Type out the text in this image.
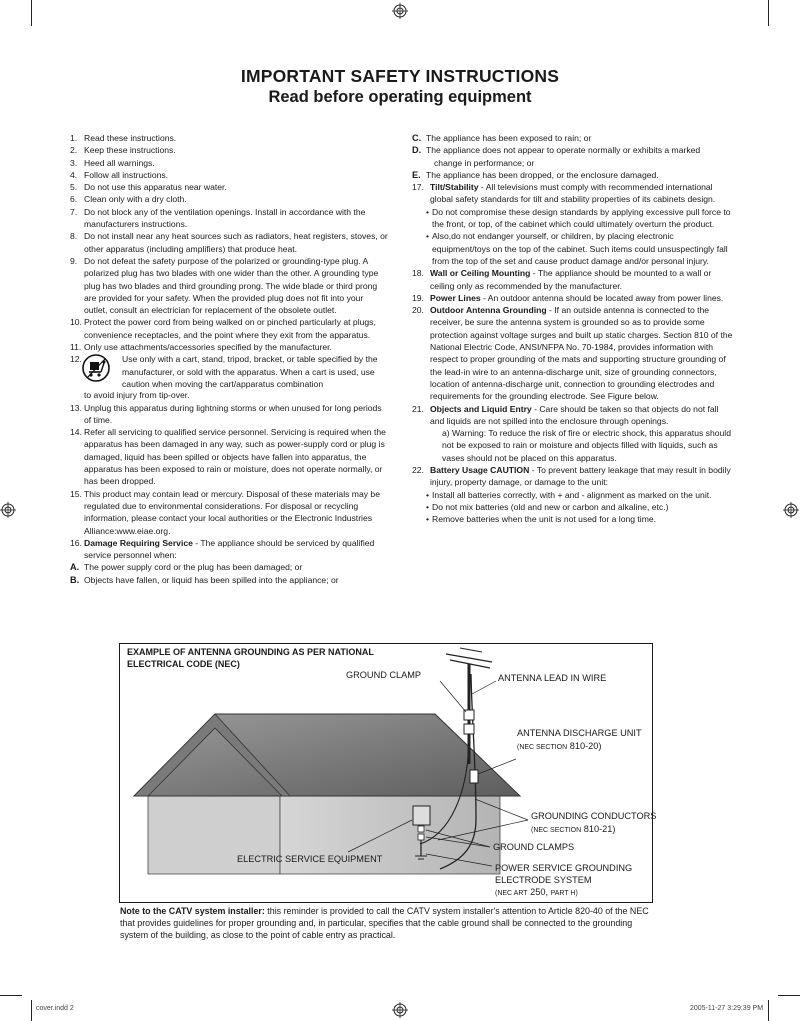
IMPORTANT SAFETY INSTRUCTIONS
Read before operating equipment
1. Read these instructions.
2. Keep these instructions.
3. Heed all warnings.
4. Follow all instructions.
5. Do not use this apparatus near water.
6. Clean only with a dry cloth.
7. Do not block any of the ventilation openings. Install in accordance with the manufacturers instructions.
8. Do not install near any heat sources such as radiators, heat registers, stoves, or other apparatus (including amplifiers) that produce heat.
9. Do not defeat the safety purpose of the polarized or grounding-type plug. A polarized plug has two blades with one wider than the other. A grounding type plug has two blades and third grounding prong. The wide blade or third prong are provided for your safety. When the provided plug does not fit into your outlet, consult an electrician for replacement of the obsolete outlet.
10. Protect the power cord from being walked on or pinched particularly at plugs, convenience receptacles, and the point where they exit from the apparatus.
11. Only use attachments/accessories specified by the manufacturer.
12.	Use only with a cart, stand, tripod, bracket, or table specified by the manufacturer, or sold with the apparatus. When a cart is used, use caution when moving the cart/apparatus combination
to avoid injury from tip-over.
13. Unplug this apparatus during lightning storms or when unused for long periods of time.
14. Refer all servicing to qualified service personnel. Servicing is required when the apparatus has been damaged in any way, such as power-supply cord or plug is damaged, liquid has been spilled or objects have fallen into apparatus, the apparatus has been exposed to rain or moisture, does not operate normally, or has been dropped.
15. This product may contain lead or mercury. Disposal of these materials may be regulated due to environmental considerations. For disposal or recycling information, please contact your local authorities or the Electronic Industries Alliance:www.eiae.org.
16. Damage Requiring Service - The appliance should be serviced by qualified service personnel when:
A. The power supply cord or the plug has been damaged; or
B. Objects have fallen, or liquid has been spilled into the appliance; or
C. The appliance has been exposed to rain; or
D. The appliance does not appear to operate normally or exhibits a marked
change in performance; or
E. The appliance has been dropped, or the enclosure damaged.
17. Tilt/Stability - All televisions must comply with recommended international global safety standards for tilt and stability properties of its cabinets design.
• Do not compromise these design standards by applying excessive pull force to the front, or top, of the cabinet which could ultimately overturn the product.
• Also,do not endanger yourself, or children, by placing electronic equipment/toys on the top of the cabinet. Such items could unsuspectingly fall from the top of the set and cause product damage and/or personal injury.
18. Wall or Ceiling Mounting - The appliance should be mounted to a wall or ceiling only as recommended by the manufacturer.
19. Power Lines - An outdoor antenna should be located away from power lines.
20. Outdoor Antenna Grounding - If an outside antenna is connected to the receiver, be sure the antenna system is grounded so as to provide some protection against voltage surges and built up static charges. Section 810 of the National Electric Code, ANSI/NFPA No. 70-1984, provides information with respect to proper grounding of the mats and supporting structure grounding of the lead-in wire to an antenna-discharge unit, size of grounding connectors, location of antenna-discharge unit, connection to grounding electrodes and requirements for the grounding electrode. See Figure below.
21. Objects and Liquid Entry - Care should be taken so that objects do not fall and liquids are not spilled into the enclosure through openings.
a) Warning: To reduce the risk of fire or electric shock, this apparatus should not be exposed to rain or moisture and objects filled with liquids, such as vases should not be placed on this apparatus.
22. Battery Usage CAUTION - To prevent battery leakage that may result in bodily injury, property damage, or damage to the unit:
• Install all batteries correctly, with + and - alignment as marked on the unit.
• Do not mix batteries (old and new or carbon and alkaline, etc.)
• Remove batteries when the unit is not used for a long time.
EXAMPLE OF ANTENNA GROUNDING AS PER NATIONAL ELECTRICAL CODE (NEC)
GROUND CLAMP	ANTENNA LEAD IN WIRE
ANTENNA DISCHARGE UNIT
(NEC SECTION 810-20)
GROUNDING CONDUCTORS
(NEC SECTION 810-21)
GROUND CLAMPS
ELECTRIC SERVICE EQUIPMENT
POWER SERVICE GROUNDING
ELECTRODE SYSTEM
(NEC ART 250, PART H)
Note to the CATV system installer: this reminder is provided to call the CATV system installer's attention to Article 820-40 of the NEC that provides guidelines for proper grounding and, in particular, specifies that the cable ground shall be connected to the grounding system of the building, as close to the point of cable entry as practical.
cover.indd 2	2005-11-27 3:29:39 PM
